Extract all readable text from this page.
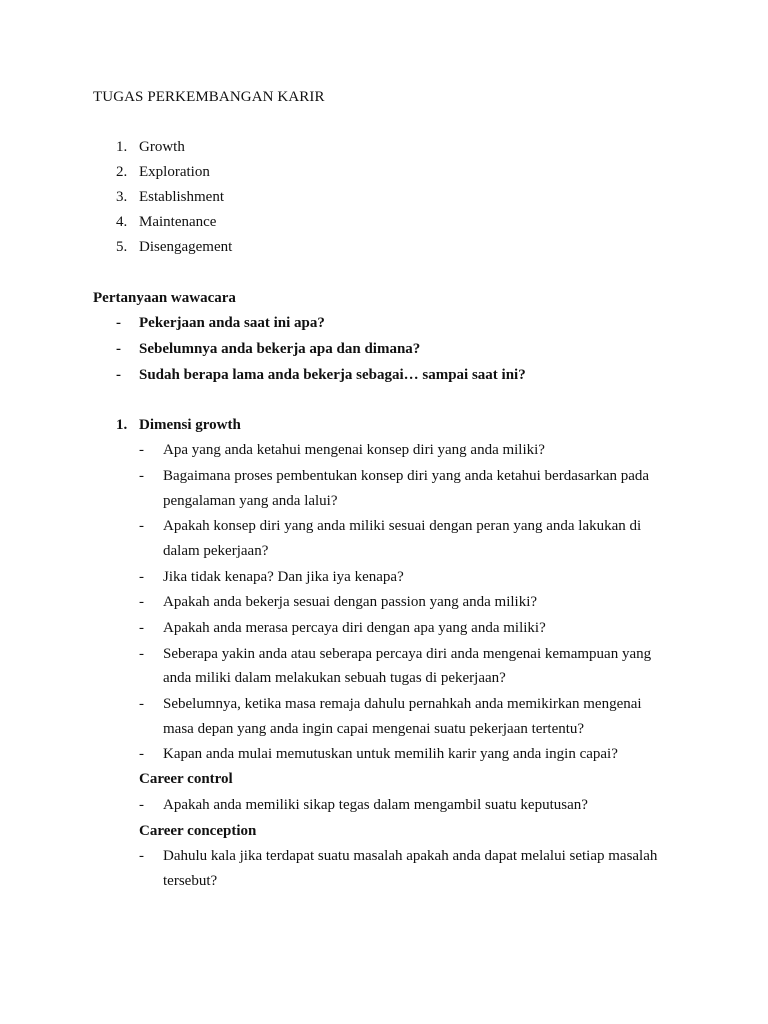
TUGAS PERKEMBANGAN KARIR
1. Growth
2. Exploration
3. Establishment
4. Maintenance
5. Disengagement
Pertanyaan wawacara
- Pekerjaan anda saat ini apa?
- Sebelumnya anda bekerja apa dan dimana?
- Sudah berapa lama anda bekerja sebagai… sampai saat ini?
1. Dimensi growth
- Apa yang anda ketahui mengenai konsep diri yang anda miliki?
- Bagaimana proses pembentukan konsep diri yang anda ketahui berdasarkan pada
pengalaman yang anda lalui?
- Apakah konsep diri yang anda miliki sesuai dengan peran yang anda lakukan di
dalam pekerjaan?
- Jika tidak kenapa? Dan jika iya kenapa?
- Apakah anda bekerja sesuai dengan passion yang anda miliki?
- Apakah anda merasa percaya diri dengan apa yang anda miliki?
- Seberapa yakin anda atau seberapa percaya diri anda mengenai kemampuan yang
anda miliki dalam melakukan sebuah tugas di pekerjaan?
- Sebelumnya, ketika masa remaja dahulu pernahkah anda memikirkan mengenai
masa depan yang anda ingin capai mengenai suatu pekerjaan tertentu?
- Kapan anda mulai memutuskan untuk memilih karir yang anda ingin capai?
Career control
- Apakah anda memiliki sikap tegas dalam mengambil suatu keputusan?
Career conception
- Dahulu kala jika terdapat suatu masalah apakah anda dapat melalui setiap masalah
tersebut?
